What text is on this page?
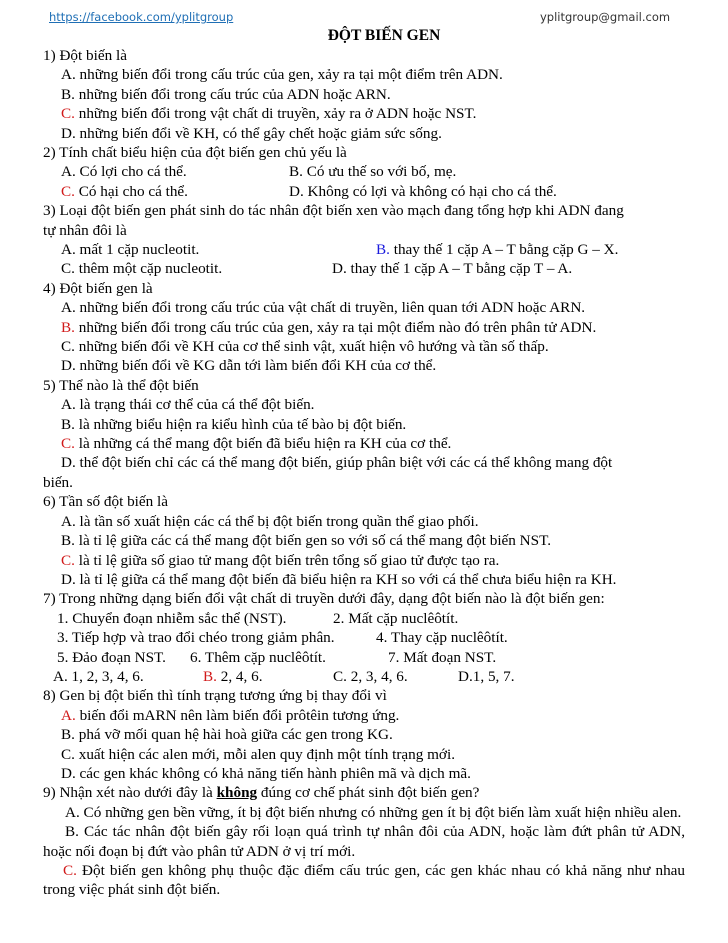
https://facebook.com/yplitgroup	yplitgroup@gmail.com
ĐỘT BIẾN GEN
1) Đột biến là
A. những biến đổi trong cấu trúc của gen, xảy ra tại một điểm trên ADN.
B. những biến đổi trong cấu trúc của ADN hoặc ARN.
C. những biến đổi trong vật chất di truyền, xảy ra ở ADN hoặc NST.
D. những biến đổi về KH, có thể gây chết hoặc giảm sức sống.
2) Tính chất biểu hiện của đột biến gen chủ yếu là
A. Có lợi cho cá thể.	B. Có ưu thế so với bố, mẹ.
C. Có hại cho cá thể.	D. Không có lợi và không có hại cho cá thể.
3) Loại đột biến gen phát sinh do tác nhân đột biến xen vào mạch đang tổng hợp khi ADN đang
tự nhân đôi là
A. mất 1 cặp nucleotit.	B. thay thế 1 cặp A – T bằng cặp G – X.
C. thêm một cặp nucleotit.	D. thay thế 1 cặp A – T bằng cặp T – A.
4) Đột biến gen là
A. những biến đổi trong cấu trúc của vật chất di truyền, liên quan tới ADN hoặc ARN.
B. những biến đổi trong cấu trúc của gen, xảy ra tại một điểm nào đó trên phân tử ADN.
C. những biến đổi về KH của cơ thể sinh vật, xuất hiện vô hướng và tần số thấp.
D. những biến đổi về KG dẫn tới làm biến đổi KH của cơ thể.
5) Thể nào là thể đột biến
A. là trạng thái cơ thể của cá thể đột biến.
B. là những biểu hiện ra kiểu hình của tế bào bị đột biến.
C. là những cá thể mang đột biến đã biểu hiện ra KH của cơ thể.
D. thể đột biến chỉ các cá thể mang đột biến, giúp phân biệt với các cá thể không mang đột
biến.
6) Tần số đột biến là
A. là tần số xuất hiện các cá thể bị đột biến trong quần thể giao phối.
B. là tỉ lệ giữa các cá thể mang đột biến gen so với số cá thể mang đột biến NST.
C. là tỉ lệ giữa số giao tử mang đột biến trên tổng số giao tử được tạo ra.
D. là tỉ lệ giữa cá thể mang đột biến đã biểu hiện ra KH so với cá thể chưa biểu hiện ra KH.
7) Trong những dạng biến đổi vật chất di truyền dưới đây, dạng đột biến nào là đột biến gen:
1. Chuyển đoạn nhiễm sắc thể (NST).	2. Mất cặp nuclêôtít.
3. Tiếp hợp và trao đổi chéo trong giảm phân.	4. Thay cặp nuclêôtít.
5. Đảo đoạn NST. 6. Thêm cặp nuclêôtít.	7. Mất đoạn NST.
A. 1, 2, 3, 4, 6.	B. 2, 4, 6.	C. 2, 3, 4, 6.	D.1, 5, 7.
8) Gen bị đột biến thì tính trạng tương ứng bị thay đổi vì
A. biến đổi mARN nên làm biến đổi prôtêin tương ứng.
B. phá vỡ mối quan hệ hài hoà giữa các gen trong KG.
C. xuất hiện các alen mới, mỗi alen quy định một tính trạng mới.
D. các gen khác không có khả năng tiến hành phiên mã và dịch mã.
9) Nhận xét nào dưới đây là không đúng cơ chế phát sinh đột biến gen?
A. Có những gen bền vững, ít bị đột biến nhưng có những gen ít bị đột biến làm xuất hiện nhiều alen.
B. Các tác nhân đột biến gây rối loạn quá trình tự nhân đôi của ADN, hoặc làm đứt phân tử ADN, hoặc nối đoạn bị đứt vào phân tử ADN ở vị trí mới.
C. Đột biến gen không phụ thuộc đặc điểm cấu trúc gen, các gen khác nhau có khả năng như nhau trong việc phát sinh đột biến.
